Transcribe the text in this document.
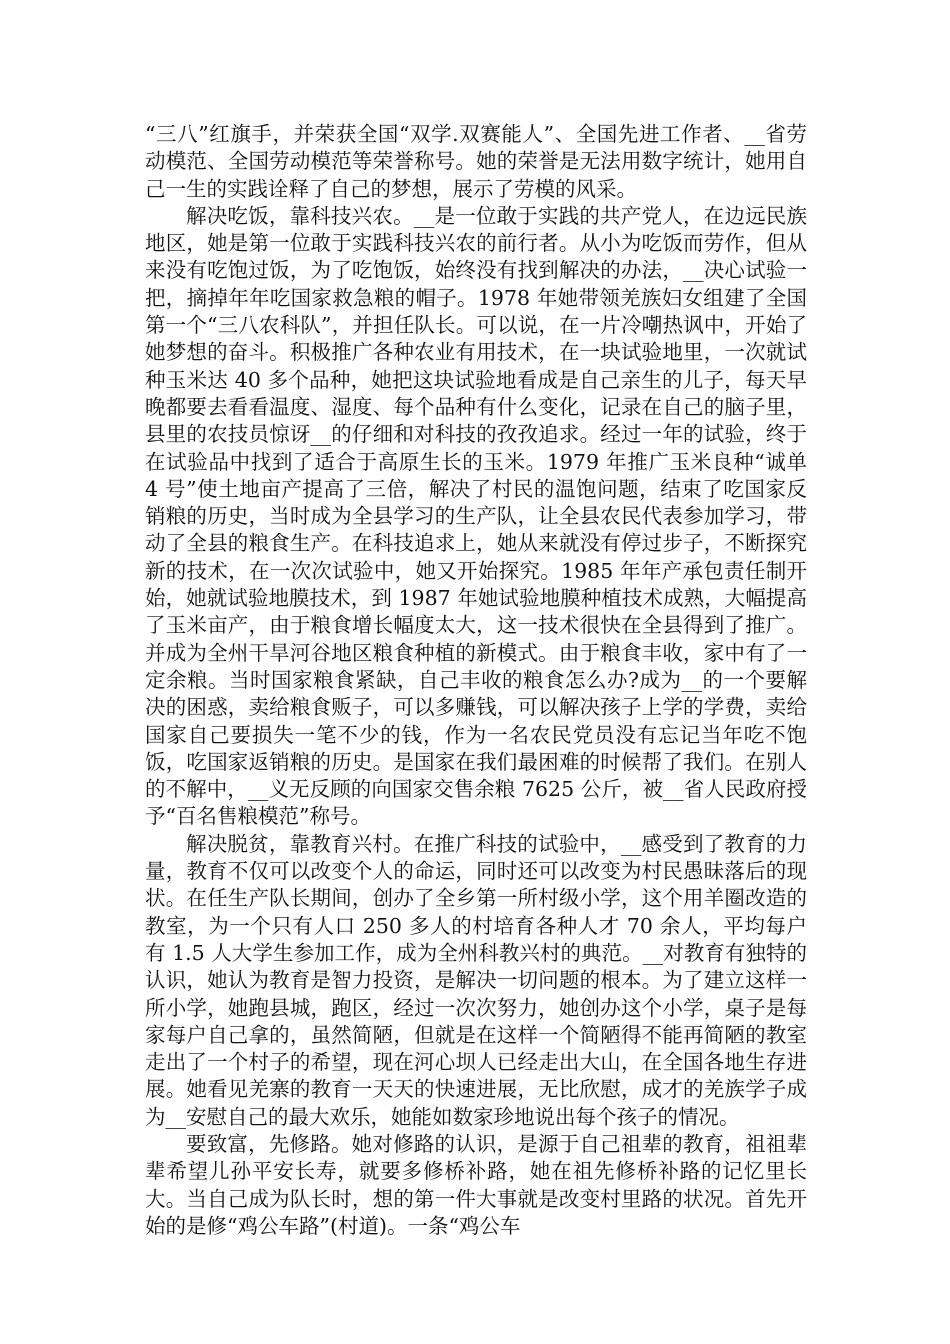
“三八”红旗手，并荣获全国“双学.双赛能人”、全国先进工作者、__省劳动模范、全国劳动模范等荣誉称号。她的荣誉是无法用数字统计，她用自己一生的实践诠释了自己的梦想，展示了劳模的风采。

解决吃饭，靠科技兴农。__是一位敢于实践的共产党人，在边远民族地区，她是第一位敢于实践科技兴农的前行者。从小为吃饭而劳作，但从来没有吃饱过饭，为了吃饱饭，始终没有找到解决的办法，__决心试验一把，摘掉年年吃国家救急粮的帽子。1978 年她带领羌族妇女组建了全国第一个“三八农科队”，并担任队长。可以说，在一片冷嘲热讽中，开始了她梦想的奋斗。积极推广各种农业有用技术，在一块试验地里，一次就试种玉米达 40 多个品种，她把这块试验地看成是自己亲生的儿子，每天早晚都要去看看温度、湿度、每个品种有什么变化，记录在自己的脑子里，县里的农技员惊讶__的仔细和对科技的孜孜追求。经过一年的试验，终于在试验品中找到了适合于高原生长的玉米。1979 年推广玉米良种“诚单 4 号”使土地亩产提高了三倍，解决了村民的温饱问题，结束了吃国家反销粮的历史，当时成为全县学习的生产队，让全县农民代表参加学习，带动了全县的粮食生产。在科技追求上，她从来就没有停过步子，不断探究新的技术，在一次次试验中，她又开始探究。1985 年年产承包责任制开始，她就试验地膜技术，到 1987 年她试验地膜种植技术成熟，大幅提高了玉米亩产，由于粮食增长幅度太大，这一技术很快在全县得到了推广。并成为全州干旱河谷地区粮食种植的新模式。由于粮食丰收，家中有了一定余粮。当时国家粮食紧缺，自己丰收的粮食怎么办?成为__的一个要解决的困惑，卖给粮食贩子，可以多赚钱，可以解决孩子上学的学费，卖给国家自己要损失一笔不少的钱，作为一名农民党员没有忘记当年吃不饱饭，吃国家返销粮的历史。是国家在我们最困难的时候帮了我们。在别人的不解中，__义无反顾的向国家交售余粮 7625 公斤，被__省人民政府授予“百名售粮模范”称号。

解决脱贫，靠教育兴村。在推广科技的试验中，__感受到了教育的力量，教育不仅可以改变个人的命运，同时还可以改变为村民愚昧落后的现状。在任生产队长期间，创办了全乡第一所村级小学，这个用羊圈改造的教室，为一个只有人口 250 多人的村培育各种人才 70 余人，平均每户有 1.5 人大学生参加工作，成为全州科教兴村的典范。__对教育有独特的认识，她认为教育是智力投资，是解决一切问题的根本。为了建立这样一所小学，她跑县城，跑区，经过一次次努力，她创办这个小学，桌子是每家每户自己拿的，虽然简陋，但就是在这样一个简陋得不能再简陋的教室走出了一个村子的希望，现在河心坝人已经走出大山，在全国各地生存进展。她看见羌寨的教育一天天的快速进展，无比欣慰，成才的羌族学子成为__安慰自己的最大欢乐，她能如数家珍地说出每个孩子的情况。

要致富，先修路。她对修路的认识，是源于自己祖辈的教育，祖祖辈辈希望儿孙平安长寿，就要多修桥补路，她在祖先修桥补路的记忆里长大。当自己成为队长时，想的第一件大事就是改变村里路的状况。首先开始的是修“鸡公车路”(村道)。一条“鸡公车
